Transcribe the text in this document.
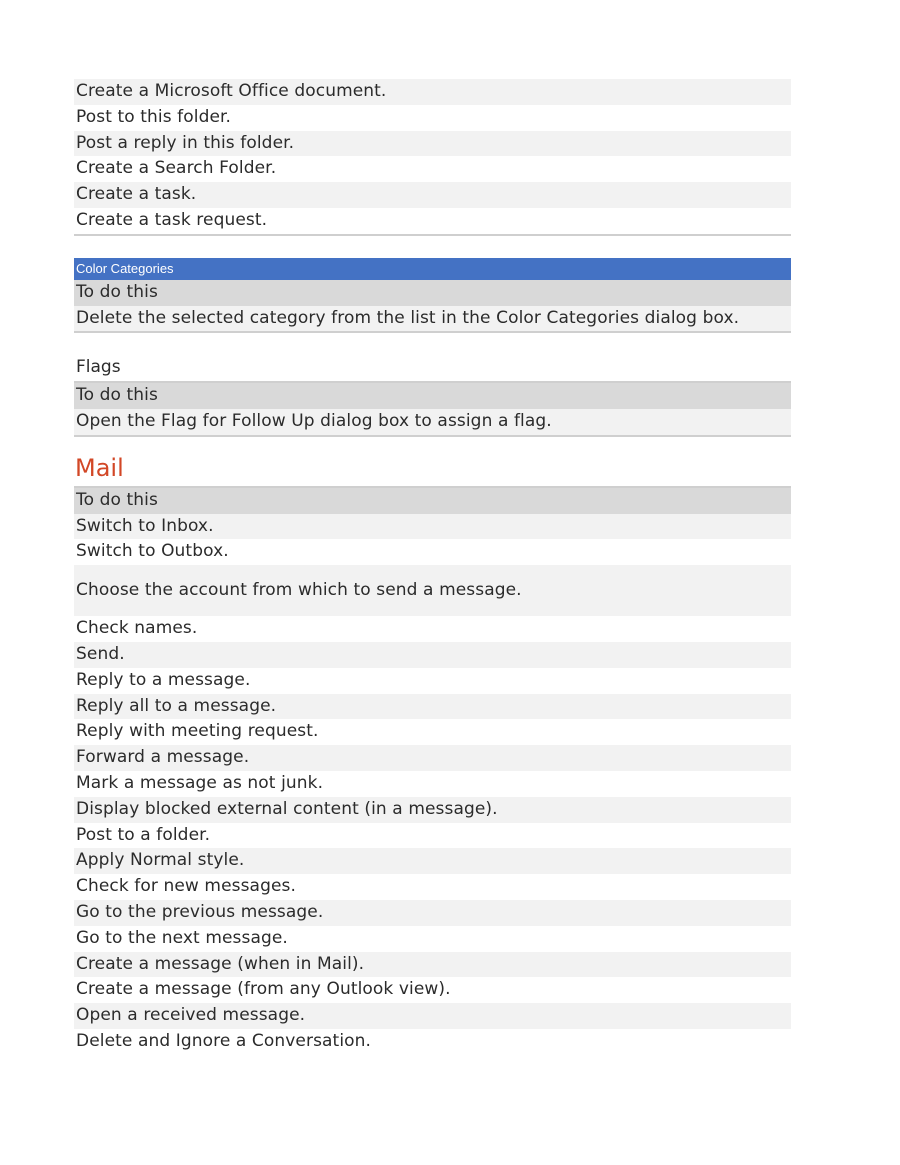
Create a Microsoft Office document.
Post to this folder.
Post a reply in this folder.
Create a Search Folder.
Create a task.
Create a task request.
Color Categories
To do this
Delete the selected category from the list in the Color Categories dialog box.
Flags
To do this
Open the Flag for Follow Up dialog box to assign a flag.
Mail
To do this
Switch to Inbox.
Switch to Outbox.
Choose the account from which to send a message.
Check names.
Send.
Reply to a message.
Reply all to a message.
Reply with meeting request.
Forward a message.
Mark a message as not junk.
Display blocked external content (in a message).
Post to a folder.
Apply Normal style.
Check for new messages.
Go to the previous message.
Go to the next message.
Create a message (when in Mail).
Create a message (from any Outlook view).
Open a received message.
Delete and Ignore a Conversation.
